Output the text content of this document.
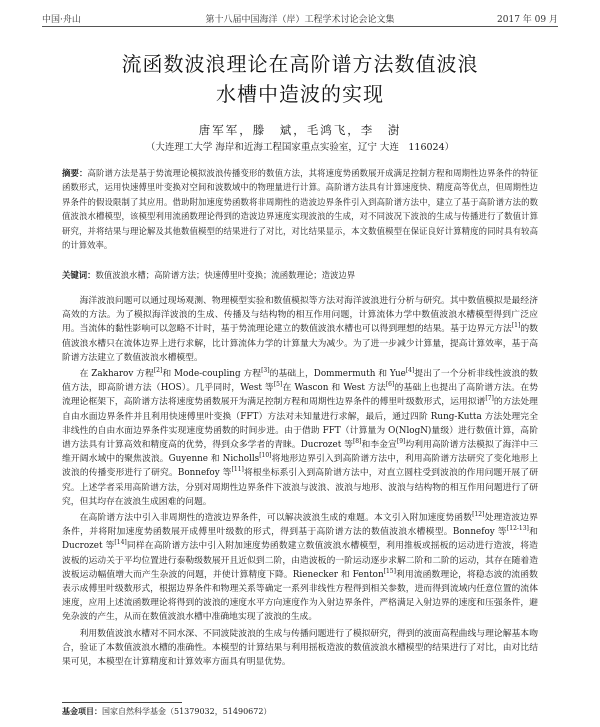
中国·舟山	第十八届中国海洋（岸）工程学术讨论会论文集	2017 年 09 月
流函数波浪理论在高阶谱方法数值波浪
水槽中造波的实现
唐军军，滕　斌，毛鸿飞，李　澍
（大连理工大学 海岸和近海工程国家重点实验室，辽宁 大连　116024）
摘要：高阶谱方法是基于势流理论模拟波浪传播变形的数值方法，其将速度势函数展开成满足控制方程和周期性边界条件的特征函数形式，运用快速傅里叶变换对空间和波数域中的物理量进行计算。高阶谱方法具有计算速度快、精度高等优点，但周期性边界条件的假设限制了其应用。借助附加速度势函数将非周期性的造波边界条件引入到高阶谱方法中，建立了基于高阶谱方法的数值波浪水槽模型，该模型利用流函数理论得到的造波边界速度实现波浪的生成，对不同波况下波浪的生成与传播进行了数值计算研究，并将结果与理论解及其他数值模型的结果进行了对比，对比结果显示，本文数值模型在保证良好计算精度的同时具有较高的计算效率。
关键词：数值波浪水槽；高阶谱方法；快速傅里叶变换；流函数理论；造波边界

海洋波浪问题可以通过现场观测、物理模型实验和数值模拟等方法对海洋波浪进行分析与研究。其中数值模拟是最经济高效的方法。为了模拟海洋波浪的生成、传播及与结构物的相互作用问题，计算流体力学中数值波浪水槽模型得到广泛应用。当流体的黏性影响可以忽略不计时，基于势流理论建立的数值波浪水槽也可以得到理想的结果。基于边界元方法[1]的数值波浪水槽只在流体边界上进行求解，比计算流体力学的计算量大为减少。为了进一步减少计算量，提高计算效率，基于高阶谱方法建立了数值波浪水槽模型。

在 Zakharov 方程[2]和 Mode-coupling 方程[3]的基础上，Dommermuth 和 Yue[4]提出了一个分析非线性波浪的数值方法，即高阶谱方法（HOS）。几乎同时，West 等[5]在 Wascon 和 West 方法[6]的基础上也提出了高阶谱方法。在势流理论框架下，高阶谱方法将速度势函数展开为满足控制方程和周期性边界条件的傅里叶级数形式，运用拟谱[7]的方法处理自由水面边界条件并且利用快速傅里叶变换（FFT）方法对未知量进行求解，最后，通过四阶 Rung-Kutta 方法处理完全非线性的自由水面边界条件实现速度势函数的时间步进。由于借助 FFT（计算量为 O(NlogN)量级）进行数值计算，高阶谱方法具有计算高效和精度高的优势，得到众多学者的青睐。Ducrozet 等[8]和李金宣[9]均利用高阶谱方法模拟了海洋中三维开阔水域中的聚焦波浪。Guyenne 和 Nicholls[10]将地形边界引入到高阶谱方法中，利用高阶谱方法研究了变化地形上波浪的传播变形进行了研究。Bonnefoy 等[11]将根坐标系引入到高阶谱方法中，对直立圆柱受到波浪的作用问题开展了研究。上述学者采用高阶谱方法，分别对周期性边界条件下波浪与波浪、波浪与地形、波浪与结构物的相互作用问题进行了研究，但其均存在波浪生成困难的问题。

在高阶谱方法中引入非周期性的造波边界条件，可以解决波浪生成的难题。本文引入附加速度势函数[12]处理造波边界条件，并将附加速度势函数展开成傅里叶级数的形式，得到基于高阶谱方法的数值波浪水槽模型。Bonnefoy 等[12-13]和 Ducrozet 等[14]同样在高阶谱方法中引入附加速度势函数建立数值波浪水槽模型，利用推板或摇板的运动进行造波，将造波板的运动关于平均位置进行泰勒级数展开且近似到二阶，由造波板的一阶运动逐步求解二阶和二阶的运动，其存在随着造波板运动幅值增大而产生杂波的问题，并使计算精度下降。Rienecker 和 Fenton[15]利用流函数理论，将稳态波的流函数表示成傅里叶级数形式，根据边界条件和物理关系等确定一系列非线性方程得到相关参数，进而得到流域内任意位置的流体速度，应用上述流函数理论将得到的波浪的速度水平方向速度作为入射边界条件，严格满足入射边界的速度和压强条件，避免杂波的产生，从而在数值波浪水槽中准确地实现了波浪的生成。

利用数值波浪水槽对不同水深、不同波陡波浪的生成与传播问题进行了模拟研究，得到的波面高程曲线与理论解基本吻合，验证了本数值波浪水槽的准确性。本模型的计算结果与利用摇板造波的数值波浪水槽模型的结果进行了对比，由对比结果可见，本模型在计算精度和计算效率方面具有明显优势。

基金项目：国家自然科学基金（51379032，51490672）
